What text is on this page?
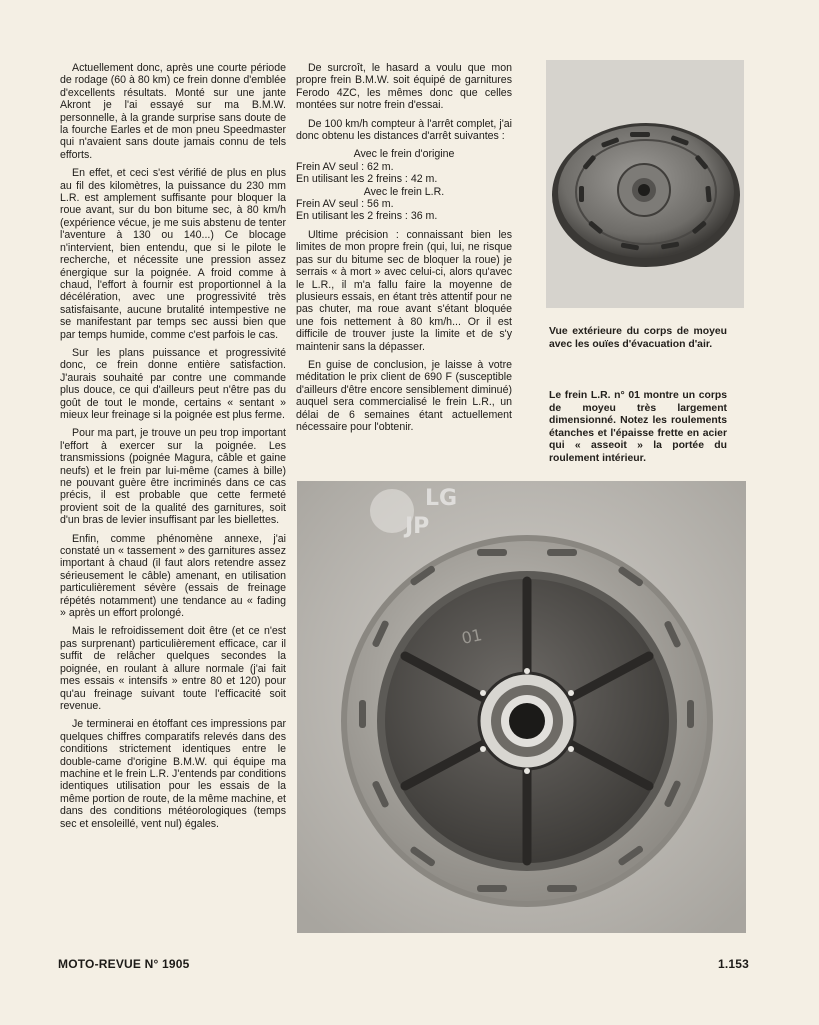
Actuellement donc, après une courte période de rodage (60 à 80 km) ce frein donne d'emblée d'excellents résultats. Monté sur une jante Akront je l'ai essayé sur ma B.M.W. personnelle, à la grande surprise sans doute de la fourche Earles et de mon pneu Speedmaster qui n'avaient sans doute jamais connu de tels efforts.

En effet, et ceci s'est vérifié de plus en plus au fil des kilomètres, la puissance du 230 mm L.R. est amplement suffisante pour bloquer la roue avant, sur du bon bitume sec, à 80 km/h (expérience vécue, je me suis abstenu de tenter l'aventure à 130 ou 140...) Ce blocage n'intervient, bien entendu, que si le pilote le recherche, et nécessite une pression assez énergique sur la poignée. A froid comme à chaud, l'effort à fournir est proportionnel à la décélération, avec une progressivité très satisfaisante, aucune brutalité intempestive ne se manifestant par temps sec aussi bien que par temps humide, comme c'est parfois le cas.

Sur les plans puissance et progressivité donc, ce frein donne entière satisfaction. J'aurais souhaité par contre une commande plus douce, ce qui d'ailleurs peut n'être pas du goût de tout le monde, certains « sentant » mieux leur freinage si la poignée est plus ferme.

Pour ma part, je trouve un peu trop important l'effort à exercer sur la poignée. Les transmissions (poignée Magura, câble et gaine neufs) et le frein par lui-même (cames à bille) ne pouvant guère être incriminés dans ce cas précis, il est probable que cette fermeté provient soit de la qualité des garnitures, soit d'un bras de levier insuffisant par les biellettes.

Enfin, comme phénomène annexe, j'ai constaté un « tassement » des garnitures assez important à chaud (il faut alors retendre assez sérieusement le câble) amenant, en utilisation particulièrement sévère (essais de freinage répétés notamment) une tendance au « fading » après un effort prolongé.

Mais le refroidissement doit être (et ce n'est pas surprenant) particulièrement efficace, car il suffit de relâcher quelques secondes la poignée, en roulant à allure normale (j'ai fait mes essais « intensifs » entre 80 et 120) pour qu'au freinage suivant toute l'efficacité soit revenue.

Je terminerai en étoffant ces impressions par quelques chiffres comparatifs relevés dans des conditions strictement identiques entre le double-came d'origine B.M.W. qui équipe ma machine et le frein L.R. J'entends par conditions identiques utilisation pour les essais de la même portion de route, de la même machine, et dans des conditions météorologiques (temps sec et ensoleillé, vent nul) égales.

De surcroît, le hasard a voulu que mon propre frein B.M.W. soit équipé de garnitures Ferodo 4ZC, les mêmes donc que celles montées sur notre frein d'essai.

De 100 km/h compteur à l'arrêt complet, j'ai donc obtenu les distances d'arrêt suivantes :

Avec le frein d'origine
Frein AV seul : 62 m.
En utilisant les 2 freins : 42 m.
Avec le frein L.R.
Frein AV seul : 56 m.
En utilisant les 2 freins : 36 m.

Ultime précision : connaissant bien les limites de mon propre frein (qui, lui, ne risque pas sur du bitume sec de bloquer la roue) je serrais « à mort » avec celui-ci, alors qu'avec le L.R., il m'a fallu faire la moyenne de plusieurs essais, en étant très attentif pour ne pas chuter, ma roue avant s'étant bloquée une fois nettement à 80 km/h... Or il est difficile de trouver juste la limite et de s'y maintenir sans la dépasser.

En guise de conclusion, je laisse à votre méditation le prix client de 690 F (susceptible d'ailleurs d'être encore sensiblement diminué) auquel sera commercialisé le frein L.R., un délai de 6 semaines étant actuellement nécessaire pour l'obtenir.

Vue extérieure du corps de moyeu avec les ouïes d'évacuation d'air.
Le frein L.R. n° 01 montre un corps de moyeu très largement dimensionné. Notez les roulements étanches et l'épaisse frette en acier qui « asseoit » la portée du roulement intérieur.
LG
JP
01
MOTO-REVUE N° 1905	1.153
